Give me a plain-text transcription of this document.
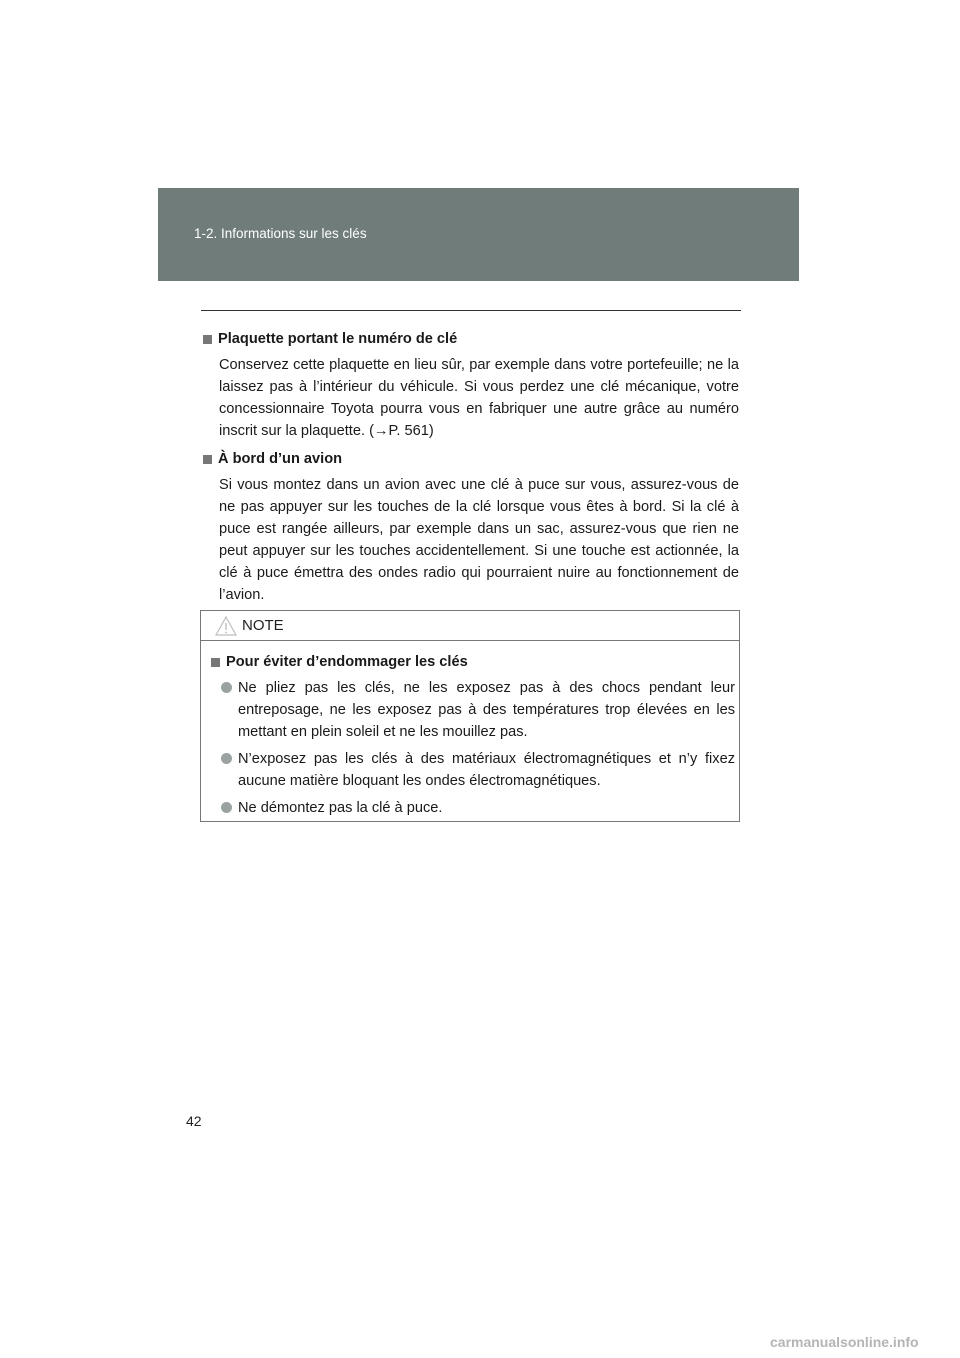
1-2. Informations sur les clés
Plaquette portant le numéro de clé

Conservez cette plaquette en lieu sûr, par exemple dans votre portefeuille; ne la laissez pas à l’intérieur du véhicule. Si vous perdez une clé mécanique, votre concessionnaire Toyota pourra vous en fabriquer une autre grâce au numéro inscrit sur la plaquette. (→P. 561)

À bord d’un avion

Si vous montez dans un avion avec une clé à puce sur vous, assurez-vous de ne pas appuyer sur les touches de la clé lorsque vous êtes à bord. Si la clé à puce est rangée ailleurs, par exemple dans un sac, assurez-vous que rien ne peut appuyer sur les touches accidentellement. Si une touche est actionnée, la clé à puce émettra des ondes radio qui pourraient nuire au fonctionnement de l’avion.

NOTE
Pour éviter d’endommager les clés
Ne pliez pas les clés, ne les exposez pas à des chocs pendant leur entreposage, ne les exposez pas à des températures trop élevées en les mettant en plein soleil et ne les mouillez pas.
N’exposez pas les clés à des matériaux électromagnétiques et n’y fixez aucune matière bloquant les ondes électromagnétiques.
Ne démontez pas la clé à puce.
42
carmanualsonline.info
